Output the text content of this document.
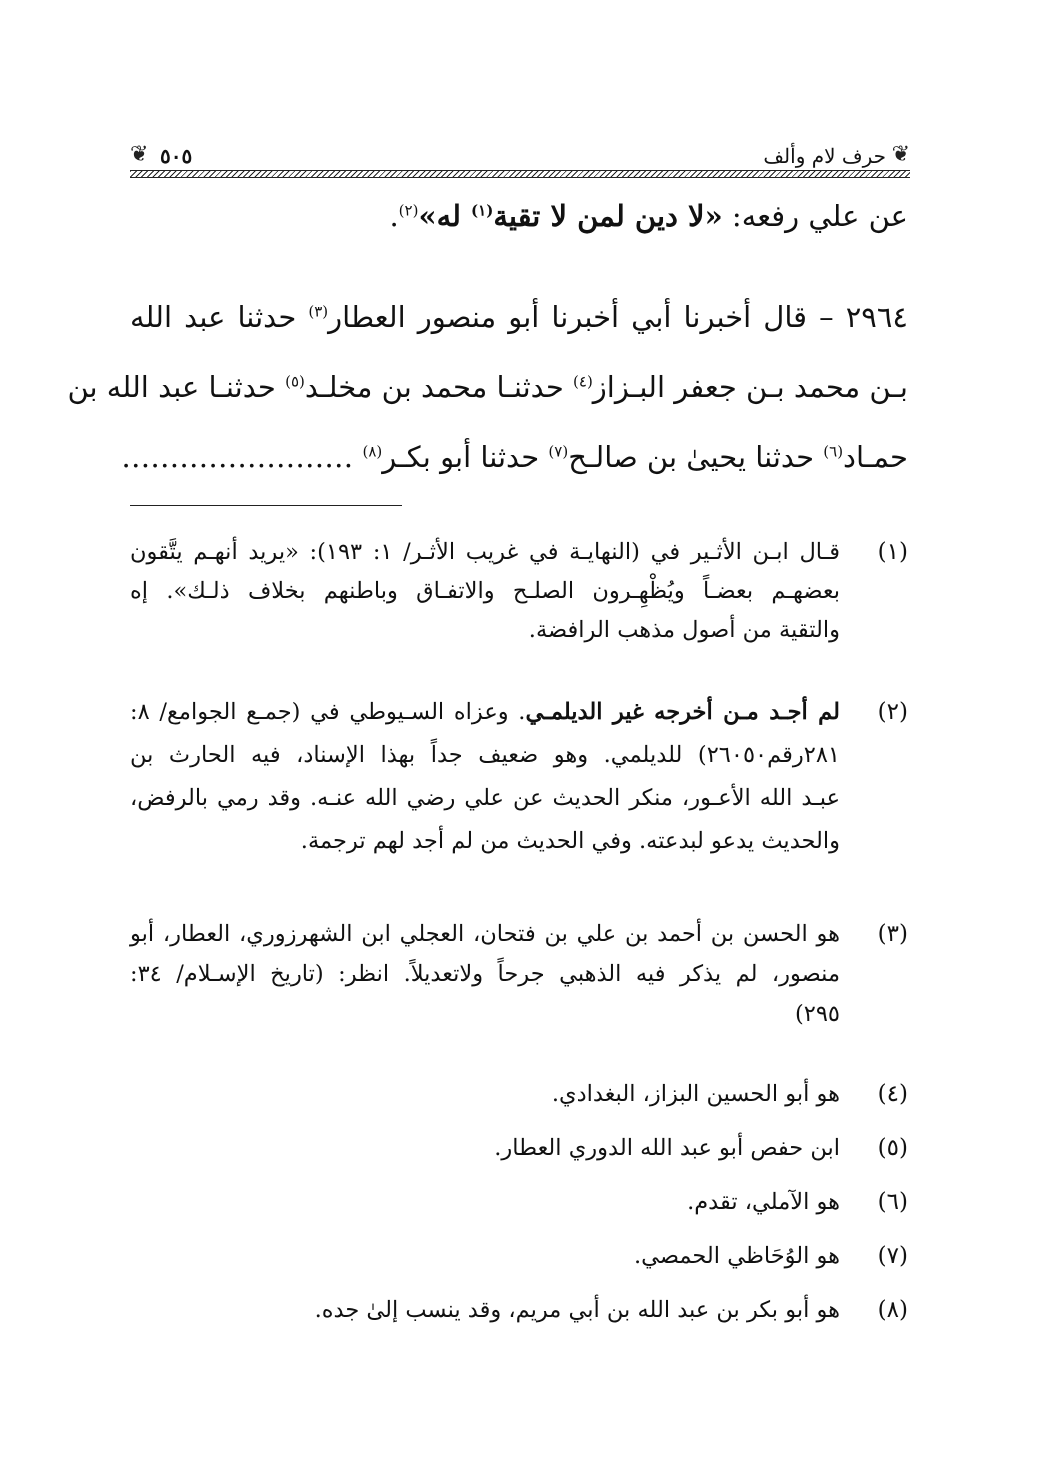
❦
حرف لام وألف
٥٠٥
❦
عن علي رفعه: «لا دين لمن لا تقية$^{(١)}$ له»$^{(٢)}$.
٢٩٦٤ – قال أخبرنا أبي أخبرنا أبو منصور العطار$^{(٣)}$ حدثنا عبد الله
بـن محمد بـن جعفر البـزاز$^{(٤)}$ حدثنـا محمد بن مخلـد$^{(٥)}$ حدثنـا عبد الله بن
حمـاد$^{(٦)}$ حدثنا يحيىٰ بن صالـح$^{(٧)}$ حدثنا أبو بكـر$^{(٨)}$ ……………………
(١)
قـال ابـن الأثـير في (النهايـة في غريب الأثـر/ ١: ١٩٣): «يريد أنهـم يتَّقون
بعضهـم بعضـاً ويُظْهِـرون الصلـح والاتفـاق وباطنهم بخلاف ذلـك». إه
والتقية من أصول مذهب الرافضة.
(٢)
لم أجـد مـن أخرجه غير الديلمـي. وعزاه السـيوطي في (جمـع الجوامع/ ٨:
٢٨١رقم٢٦٠٥٠) للديلمي. وهو ضعيف جداً بهذا الإسناد، فيه الحارث بن
عبـد الله الأعـور، منكر الحديث عن علي رضي الله عنـه. وقد رمي بالرفض،
والحديث يدعو لبدعته. وفي الحديث من لم أجد لهم ترجمة.
(٣)
هو الحسن بن أحمد بن علي بن فتحان، العجلي ابن الشهرزوري، العطار، أبو
منصور، لم يذكر فيه الذهبي جرحاً ولاتعديلاً. انظر: (تاريخ الإسـلام/ ٣٤:
٢٩٥)
(٤)
هو أبو الحسين البزاز، البغدادي.
(٥)
ابن حفص أبو عبد الله الدوري العطار.
(٦)
هو الآملي، تقدم.
(٧)
هو الوُحَاظي الحمصي.
(٨)
هو أبو بكر بن عبد الله بن أبي مريم، وقد ينسب إلىٰ جده.
